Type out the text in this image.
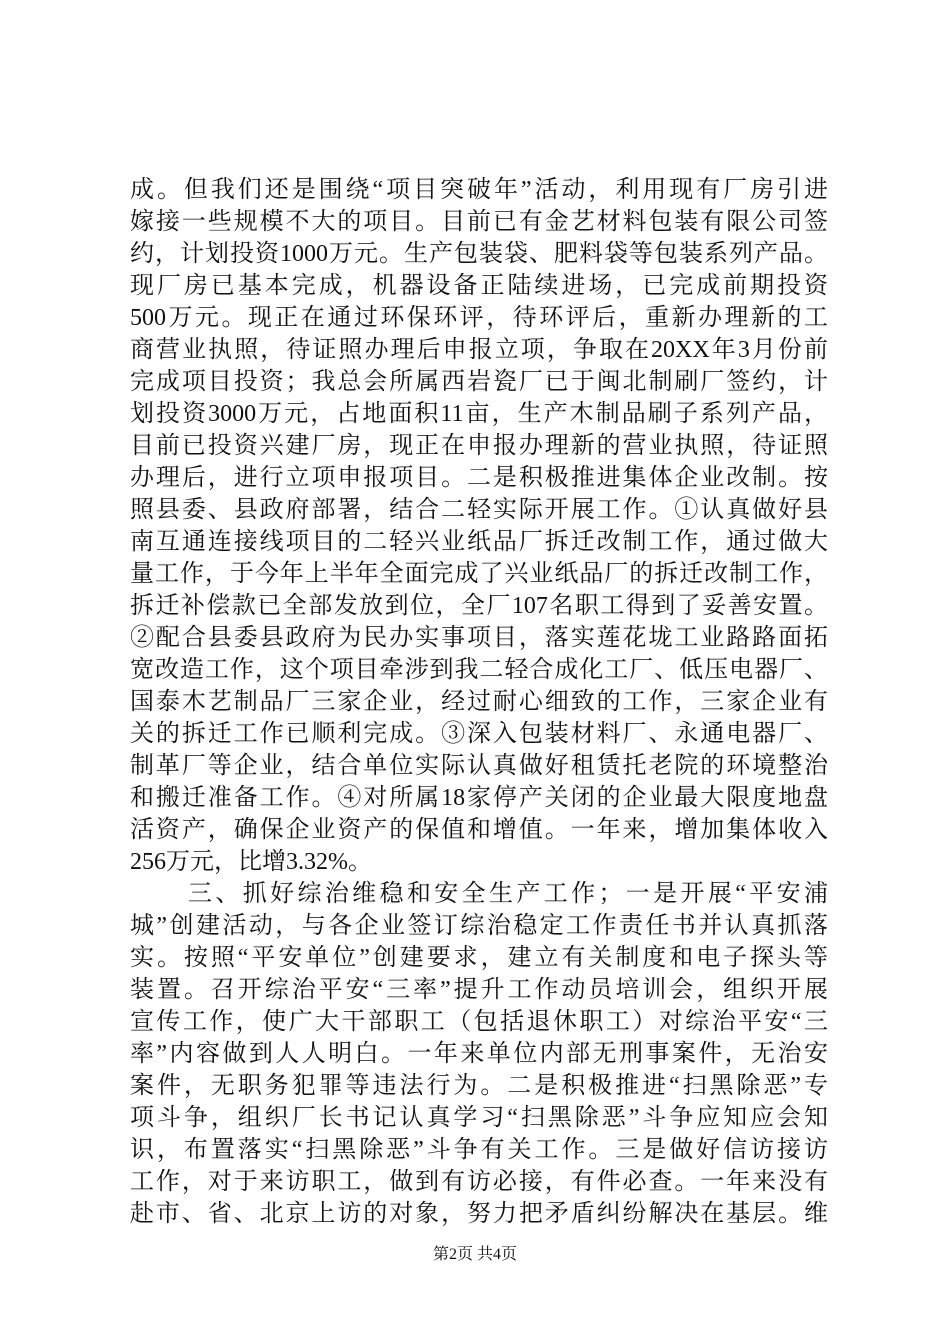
成。但我们还是围绕“项目突破年”活动，利用现有厂房引进
嫁接一些规模不大的项目。目前已有金艺材料包装有限公司签
约，计划投资1000万元。生产包装袋、肥料袋等包装系列产品。
现厂房已基本完成，机器设备正陆续进场，已完成前期投资
500万元。现正在通过环保环评，待环评后，重新办理新的工
商营业执照，待证照办理后申报立项，争取在20XX年3月份前
完成项目投资；我总会所属西岩瓷厂已于闽北制刷厂签约，计
划投资3000万元，占地面积11亩，生产木制品刷子系列产品，
目前已投资兴建厂房，现正在申报办理新的营业执照，待证照
办理后，进行立项申报项目。二是积极推进集体企业改制。按
照县委、县政府部署，结合二轻实际开展工作。①认真做好县
南互通连接线项目的二轻兴业纸品厂拆迁改制工作，通过做大
量工作，于今年上半年全面完成了兴业纸品厂的拆迁改制工作，
拆迁补偿款已全部发放到位，全厂107名职工得到了妥善安置。
②配合县委县政府为民办实事项目，落实莲花垅工业路路面拓
宽改造工作，这个项目牵涉到我二轻合成化工厂、低压电器厂、
国泰木艺制品厂三家企业，经过耐心细致的工作，三家企业有
关的拆迁工作已顺利完成。③深入包装材料厂、永通电器厂、
制革厂等企业，结合单位实际认真做好租赁托老院的环境整治
和搬迁准备工作。④对所属18家停产关闭的企业最大限度地盘
活资产，确保企业资产的保值和增值。一年来，增加集体收入
256万元，比增3.32%。
三、抓好综治维稳和安全生产工作；一是开展“平安浦
城”创建活动，与各企业签订综治稳定工作责任书并认真抓落
实。按照“平安单位”创建要求，建立有关制度和电子探头等
装置。召开综治平安“三率”提升工作动员培训会，组织开展
宣传工作，使广大干部职工（包括退休职工）对综治平安“三
率”内容做到人人明白。一年来单位内部无刑事案件，无治安
案件，无职务犯罪等违法行为。二是积极推进“扫黑除恶”专
项斗争，组织厂长书记认真学习“扫黑除恶”斗争应知应会知
识，布置落实“扫黑除恶”斗争有关工作。三是做好信访接访
工作，对于来访职工，做到有访必接，有件必查。一年来没有
赴市、省、北京上访的对象，努力把矛盾纠纷解决在基层。维
第2页 共4页
